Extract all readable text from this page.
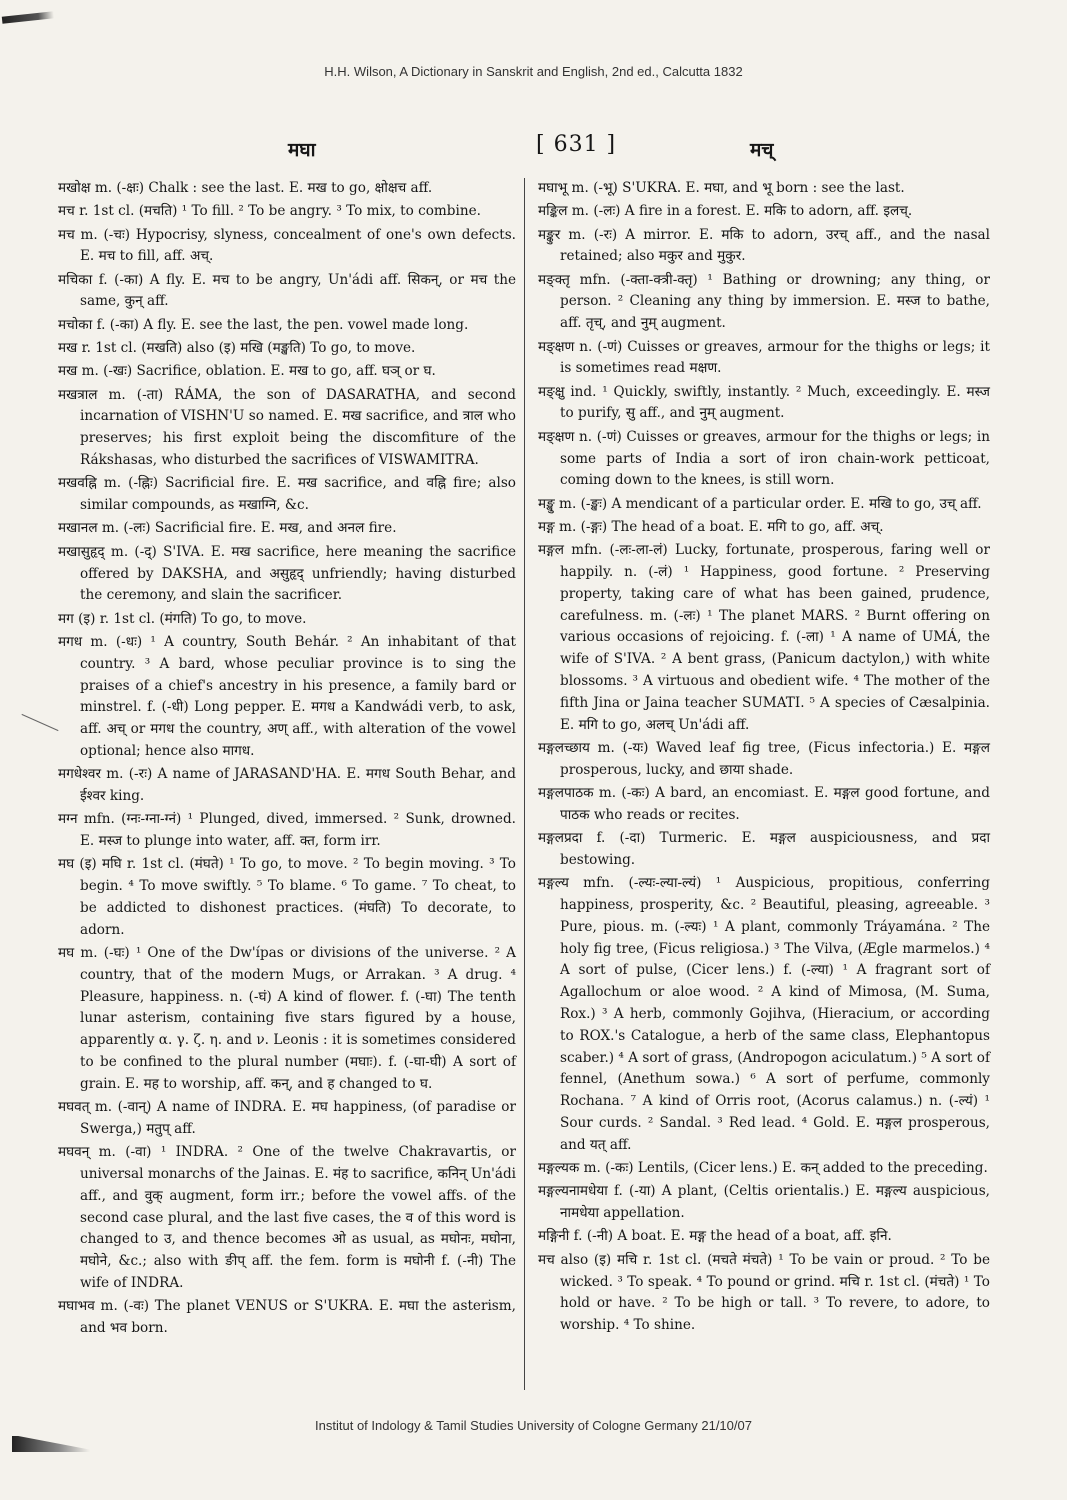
H.H. Wilson, A Dictionary in Sanskrit and English, 2nd ed., Calcutta 1832
मघा	[ 631 ]	मच्

मखोक्ष m. (-क्षः) Chalk : see the last. E. मख to go, क्षोक्षच aff.

मच r. 1st cl. (मचति) ¹ To fill. ² To be angry. ³ To mix, to combine.

मच m. (-चः) Hypocrisy, slyness, concealment of one's own defects. E. मच to fill, aff. अच्.

मचिका f. (-का) A fly. E. मच to be angry, Un'ádi aff. सिकन्, or मच the same, कुन् aff.

मचोका f. (-का) A fly. E. see the last, the pen. vowel made long.

मख r. 1st cl. (मखति) also (इ) मखि (मङ्खति) To go, to move.

मख m. (-खः) Sacrifice, oblation. E. मख to go, aff. घञ् or घ.

मखत्राल m. (-ता) RÁMA, the son of DASARATHA, and second incarnation of VISHN'U so named. E. मख sacrifice, and त्राल who preserves; his first exploit being the discomfiture of the Rákshasas, who disturbed the sacrifices of VISWAMITRA.

मखवह्नि m. (-ह्निः) Sacrificial fire. E. मख sacrifice, and वह्नि fire; also similar compounds, as मखाग्नि, &c.

मखानल m. (-लः) Sacrificial fire. E. मख, and अनल fire.

मखासुहृद् m. (-द्) S'IVA. E. मख sacrifice, here meaning the sacrifice offered by DAKSHA, and असुहृद् unfriendly; having disturbed the ceremony, and slain the sacrificer.

मग (इ) r. 1st cl. (मंगति) To go, to move.

मगध m. (-धः) ¹ A country, South Behár. ² An inhabitant of that country. ³ A bard, whose peculiar province is to sing the praises of a chief's ancestry in his presence, a family bard or minstrel. f. (-धी) Long pepper. E. मगध a Kandwádi verb, to ask, aff. अच् or मगध the country, अण् aff., with alteration of the vowel optional; hence also मागध.

मगधेश्वर m. (-रः) A name of JARASAND'HA. E. मगध South Behar, and ईश्वर king.

मग्न mfn. (ग्नः-ग्ना-ग्नं) ¹ Plunged, dived, immersed. ² Sunk, drowned. E. मस्ज to plunge into water, aff. क्त, form irr.

मघ (इ) मघि r. 1st cl. (मंघते) ¹ To go, to move. ² To begin moving. ³ To begin. ⁴ To move swiftly. ⁵ To blame. ⁶ To game. ⁷ To cheat, to be addicted to dishonest practices. (मंघति) To decorate, to adorn.

मघ m. (-घः) ¹ One of the Dw'ípas or divisions of the universe. ² A country, that of the modern Mugs, or Arrakan. ³ A drug. ⁴ Pleasure, happiness. n. (-घं) A kind of flower. f. (-घा) The tenth lunar asterism, containing five stars figured by a house, apparently α. γ. ζ. η. and ν. Leonis : it is sometimes considered to be confined to the plural number (मघाः). f. (-घा-घी) A sort of grain. E. मह to worship, aff. कन्, and ह changed to घ.

मघवत् m. (-वान्) A name of INDRA. E. मघ happiness, (of paradise or Swerga,) मतुप् aff.

मघवन् m. (-वा) ¹ INDRA. ² One of the twelve Chakravartis, or universal monarchs of the Jainas. E. मंह to sacrifice, कनिन् Un'ádi aff., and वुक् augment, form irr.; before the vowel affs. of the second case plural, and the last five cases, the व of this word is changed to उ, and thence becomes ओ as usual, as मघोनः, मघोना, मघोने, &c.; also with ङीप् aff. the fem. form is मघोनी f. (-नी) The wife of INDRA.

मघाभव m. (-वः) The planet VENUS or S'UKRA. E. मघा the asterism, and भव born.

मघाभू m. (-भू) S'UKRA. E. मघा, and भू born : see the last.

मङ्किल m. (-लः) A fire in a forest. E. मकि to adorn, aff. इलच्.

मङ्कुर m. (-रः) A mirror. E. मकि to adorn, उरच् aff., and the nasal retained; also मकुर and मुकुर.

मङ्क्तृ mfn. (-क्ता-क्त्री-क्तृ) ¹ Bathing or drowning; any thing, or person. ² Cleaning any thing by immersion. E. मस्ज to bathe, aff. तृच्, and नुम् augment.

मङ्क्षण n. (-णं) Cuisses or greaves, armour for the thighs or legs; it is sometimes read मक्षण.

मङ्क्षु ind. ¹ Quickly, swiftly, instantly. ² Much, exceedingly. E. मस्ज to purify, सु aff., and नुम् augment.

मङ्क्षण n. (-णं) Cuisses or greaves, armour for the thighs or legs; in some parts of India a sort of iron chain-work petticoat, coming down to the knees, is still worn.

मङ्खु m. (-ङ्खः) A mendicant of a particular order. E. मखि to go, उच् aff.

मङ्ग m. (-ङ्गः) The head of a boat. E. मगि to go, aff. अच्.

मङ्गल mfn. (-लः-ला-लं) Lucky, fortunate, prosperous, faring well or happily. n. (-लं) ¹ Happiness, good fortune. ² Preserving property, taking care of what has been gained, prudence, carefulness. m. (-लः) ¹ The planet MARS. ² Burnt offering on various occasions of rejoicing. f. (-ला) ¹ A name of UMÁ, the wife of S'IVA. ² A bent grass, (Panicum dactylon,) with white blossoms. ³ A virtuous and obedient wife. ⁴ The mother of the fifth Jina or Jaina teacher SUMATI. ⁵ A species of Cæsalpinia. E. मगि to go, अलच् Un'ádi aff.

मङ्गलच्छाय m. (-यः) Waved leaf fig tree, (Ficus infectoria.) E. मङ्गल prosperous, lucky, and छाया shade.

मङ्गलपाठक m. (-कः) A bard, an encomiast. E. मङ्गल good fortune, and पाठक who reads or recites.

मङ्गलप्रदा f. (-दा) Turmeric. E. मङ्गल auspiciousness, and प्रदा bestowing.

मङ्गल्य mfn. (-ल्यः-ल्या-ल्यं) ¹ Auspicious, propitious, conferring happiness, prosperity, &c. ² Beautiful, pleasing, agreeable. ³ Pure, pious. m. (-ल्यः) ¹ A plant, commonly Tráyamána. ² The holy fig tree, (Ficus religiosa.) ³ The Vilva, (Ægle marmelos.) ⁴ A sort of pulse, (Cicer lens.) f. (-ल्या) ¹ A fragrant sort of Agallochum or aloe wood. ² A kind of Mimosa, (M. Suma, Rox.) ³ A herb, commonly Gojihva, (Hieracium, or according to ROX.'s Catalogue, a herb of the same class, Elephantopus scaber.) ⁴ A sort of grass, (Andropogon aciculatum.) ⁵ A sort of fennel, (Anethum sowa.) ⁶ A sort of perfume, commonly Rochana. ⁷ A kind of Orris root, (Acorus calamus.) n. (-ल्यं) ¹ Sour curds. ² Sandal. ³ Red lead. ⁴ Gold. E. मङ्गल prosperous, and यत् aff.

मङ्गल्यक m. (-कः) Lentils, (Cicer lens.) E. कन् added to the preceding.

मङ्गल्यनामधेया f. (-या) A plant, (Celtis orientalis.) E. मङ्गल्य auspicious, नामधेया appellation.

मङ्गिनी f. (-नी) A boat. E. मङ्ग the head of a boat, aff. इनि.

मच also (इ) मचि r. 1st cl. (मचते मंचते) ¹ To be vain or proud. ² To be wicked. ³ To speak. ⁴ To pound or grind. मचि r. 1st cl. (मंचते) ¹ To hold or have. ² To be high or tall. ³ To revere, to adore, to worship. ⁴ To shine.

Institut of Indology & Tamil Studies University of Cologne Germany 21/10/07
